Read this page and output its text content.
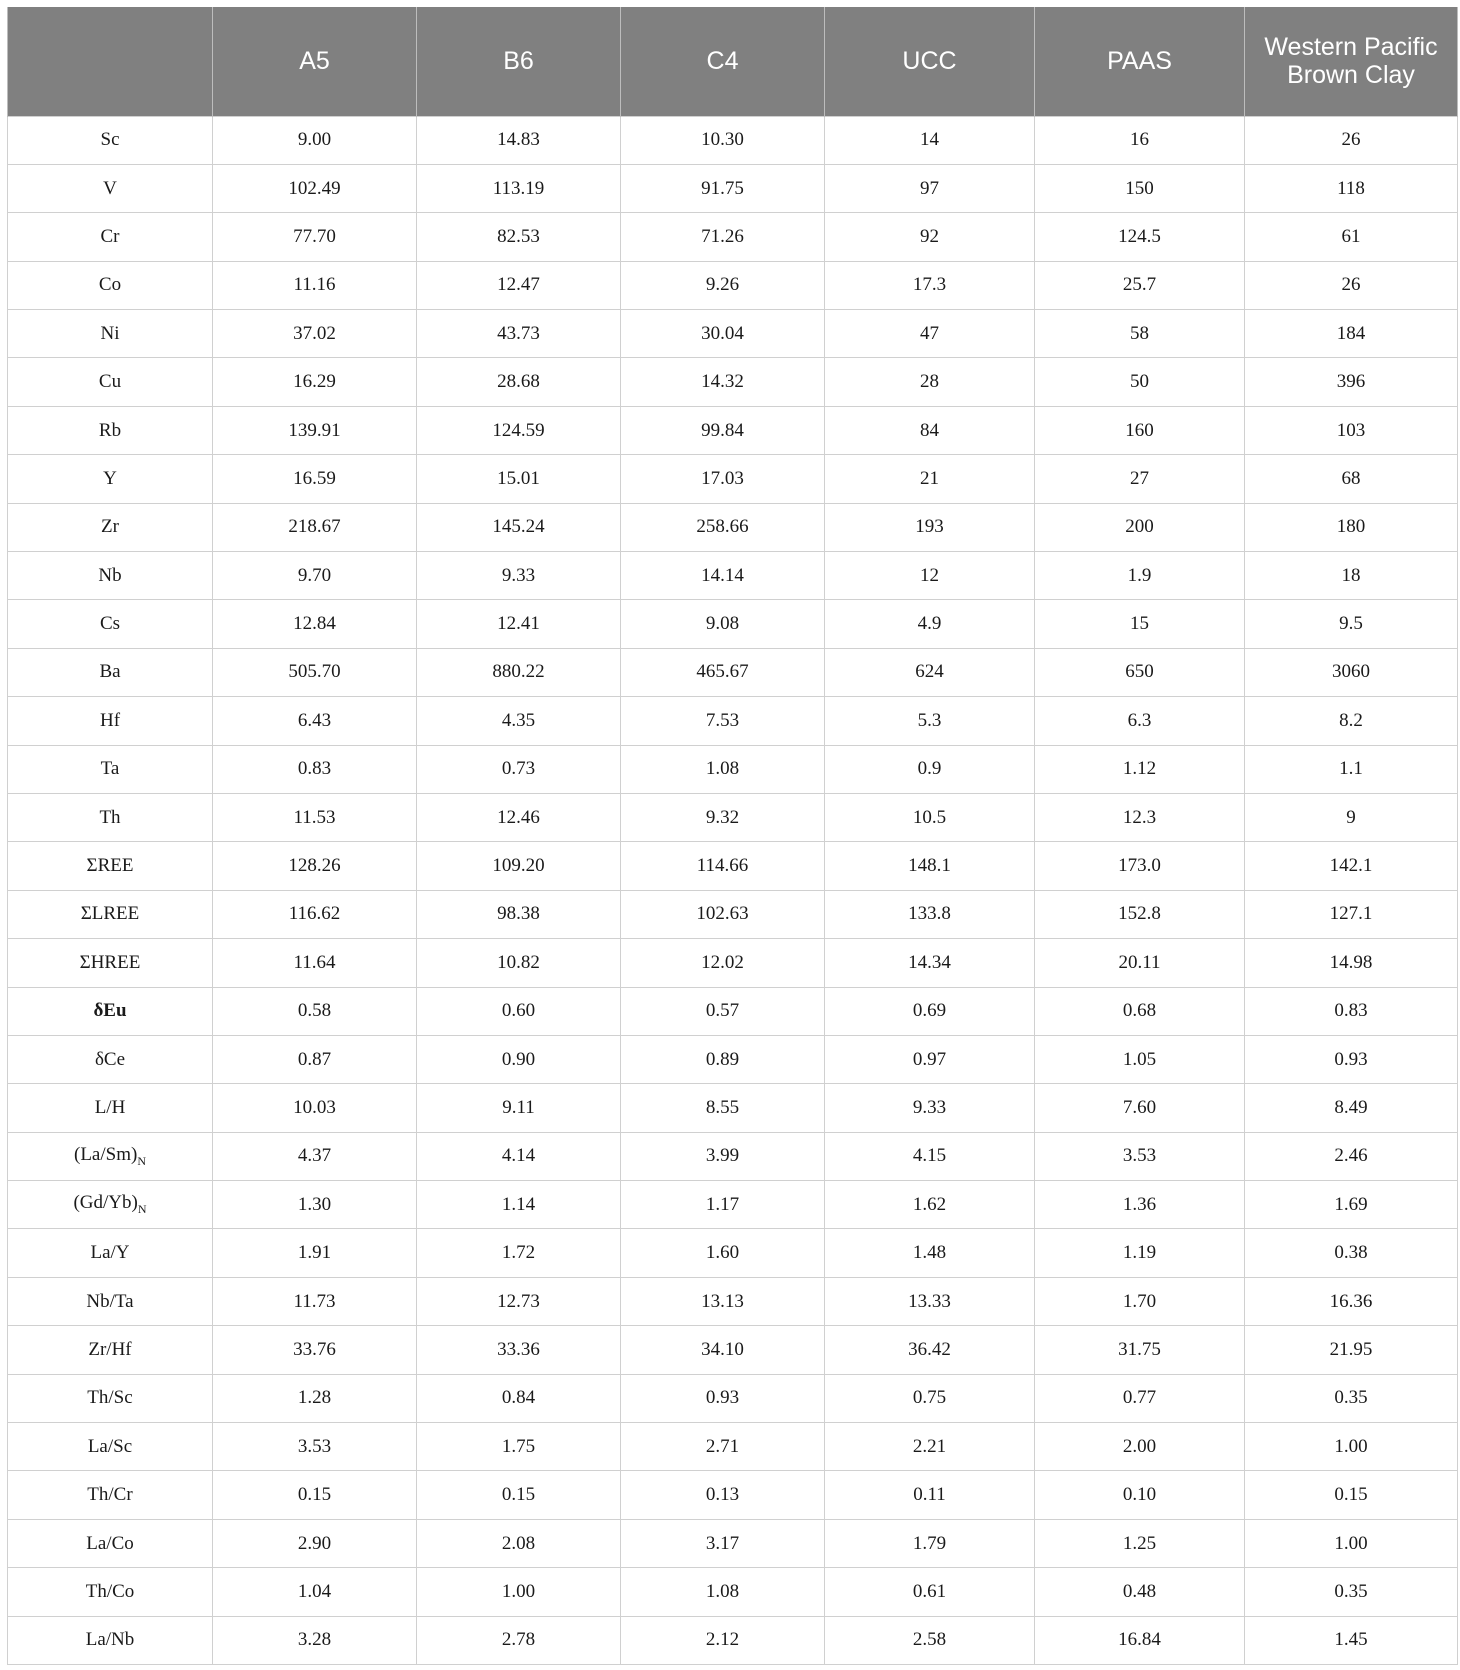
	A5	B6	C4	UCC	PAAS	Western Pacific Brown Clay
Sc	9.00	14.83	10.30	14	16	26
V	102.49	113.19	91.75	97	150	118
Cr	77.70	82.53	71.26	92	124.5	61
Co	11.16	12.47	9.26	17.3	25.7	26
Ni	37.02	43.73	30.04	47	58	184
Cu	16.29	28.68	14.32	28	50	396
Rb	139.91	124.59	99.84	84	160	103
Y	16.59	15.01	17.03	21	27	68
Zr	218.67	145.24	258.66	193	200	180
Nb	9.70	9.33	14.14	12	1.9	18
Cs	12.84	12.41	9.08	4.9	15	9.5
Ba	505.70	880.22	465.67	624	650	3060
Hf	6.43	4.35	7.53	5.3	6.3	8.2
Ta	0.83	0.73	1.08	0.9	1.12	1.1
Th	11.53	12.46	9.32	10.5	12.3	9
ΣREE	128.26	109.20	114.66	148.1	173.0	142.1
ΣLREE	116.62	98.38	102.63	133.8	152.8	127.1
ΣHREE	11.64	10.82	12.02	14.34	20.11	14.98
δEu	0.58	0.60	0.57	0.69	0.68	0.83
δCe	0.87	0.90	0.89	0.97	1.05	0.93
L/H	10.03	9.11	8.55	9.33	7.60	8.49
$(La/Sm)_N$	4.37	4.14	3.99	4.15	3.53	2.46
$(Gd/Yb)_N$	1.30	1.14	1.17	1.62	1.36	1.69
La/Y	1.91	1.72	1.60	1.48	1.19	0.38
Nb/Ta	11.73	12.73	13.13	13.33	1.70	16.36
Zr/Hf	33.76	33.36	34.10	36.42	31.75	21.95
Th/Sc	1.28	0.84	0.93	0.75	0.77	0.35
La/Sc	3.53	1.75	2.71	2.21	2.00	1.00
Th/Cr	0.15	0.15	0.13	0.11	0.10	0.15
La/Co	2.90	2.08	3.17	1.79	1.25	1.00
Th/Co	1.04	1.00	1.08	0.61	0.48	0.35
La/Nb	3.28	2.78	2.12	2.58	16.84	1.45
